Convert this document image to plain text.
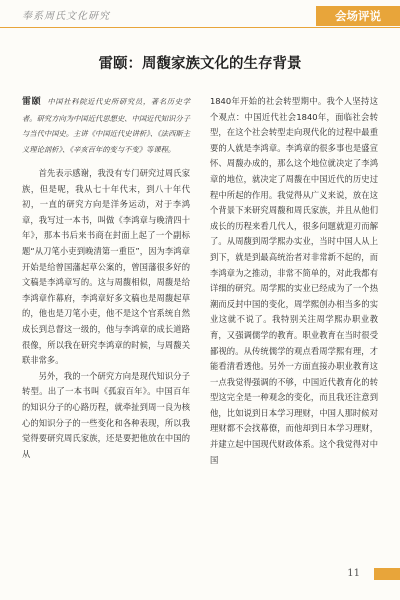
奉系周氏文化研究	会场评说
雷颐：周馥家族文化的生存背景
雷颐 中国社科院近代史所研究员，著名历史学者。研究方向为中国近代思想史、中国近代知识分子与当代中国史。主讲《中国近代史讲析》、《法西斯主义理论剖析》、《辛亥百年的变与不变》等课程。

首先表示感谢，我没有专门研究过周氏家族，但是呢，我从七十年代末，到八十年代初，一直的研究方向是洋务运动，对于李鸿章，我写过一本书，叫做《李鸿章与晚清四十年》，那本书后来书商在封面上起了一个副标题“从刀笔小吏到晚清第一重臣”，因为李鸿章开始是给曾国藩起草公案的，曾国藩很多好的文稿是李鸿章写的。这与周馥相似，周馥是给李鸿章作幕府，李鸿章好多文稿也是周馥起草的，他也是刀笔小吏，他不是这个官系统自然成长到总督这一级的，他与李鸿章的成长道路很像，所以我在研究李鸿章的时候，与周馥关联非常多。

另外，我的一个研究方向是现代知识分子转型。出了一本书叫《孤寂百年》。中国百年的知识分子的心路历程，就牵扯到周一良为核心的知识分子的一些变化和各种表现，所以我觉得要研究周氏家族，还是要把他放在中国的从

1840年开始的社会转型期中。我个人坚持这个观点：中国近代社会1840年，面临社会转型，在这个社会转型走向现代化的过程中最重要的人就是李鸿章。李鸿章的很多事也是盛宣怀、周馥办成的，那么这个地位就决定了李鸿章的地位，就决定了周馥在中国近代的历史过程中所起的作用。我觉得从广义来说，放在这个背景下来研究周馥和周氏家族，并且从他们成长的历程来看几代人，很多问题就迎刃而解了。从周馥到周学熙办实业，当时中国人从上到下，就是到最高统治者对非常新不起的，而李鸿章为之推动，非常不简单的，对此我都有详细的研究。周学熙的实业已经成为了一个热潮而反封中国的变化，周学熙创办相当多的实业这就不说了。我特别关注周学熙办职业教育，又强调儒学的教育。职业教育在当时很受鄙视的。从传统儒学的观点看周学熙有理，才能看清看透他。另外一方面直接办职业教育这一点我觉得强调的不够，中国近代教育化的转型这完全是一种观念的变化，而且我还注意到他，比如说到日本学习理财，中国人那时候对理财都不会找幕僚，而他却到日本学习理财，并建立起中国现代财政体系。这个我觉得对中国

11
